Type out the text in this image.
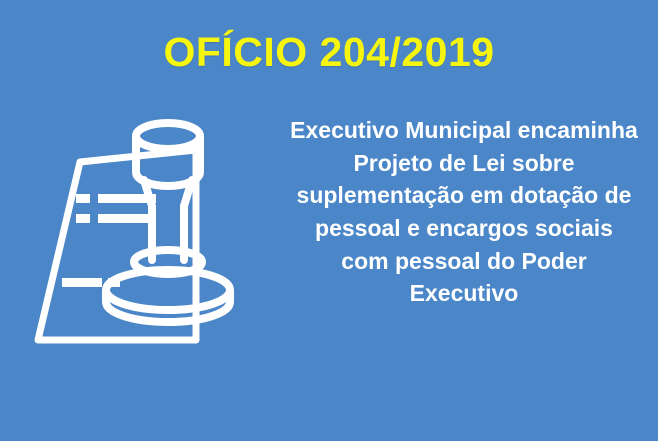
OFÍCIO 204/2019
Executivo Municipal encaminha Projeto de Lei sobre suplementação em dotação de pessoal e encargos sociais com pessoal do Poder Executivo
